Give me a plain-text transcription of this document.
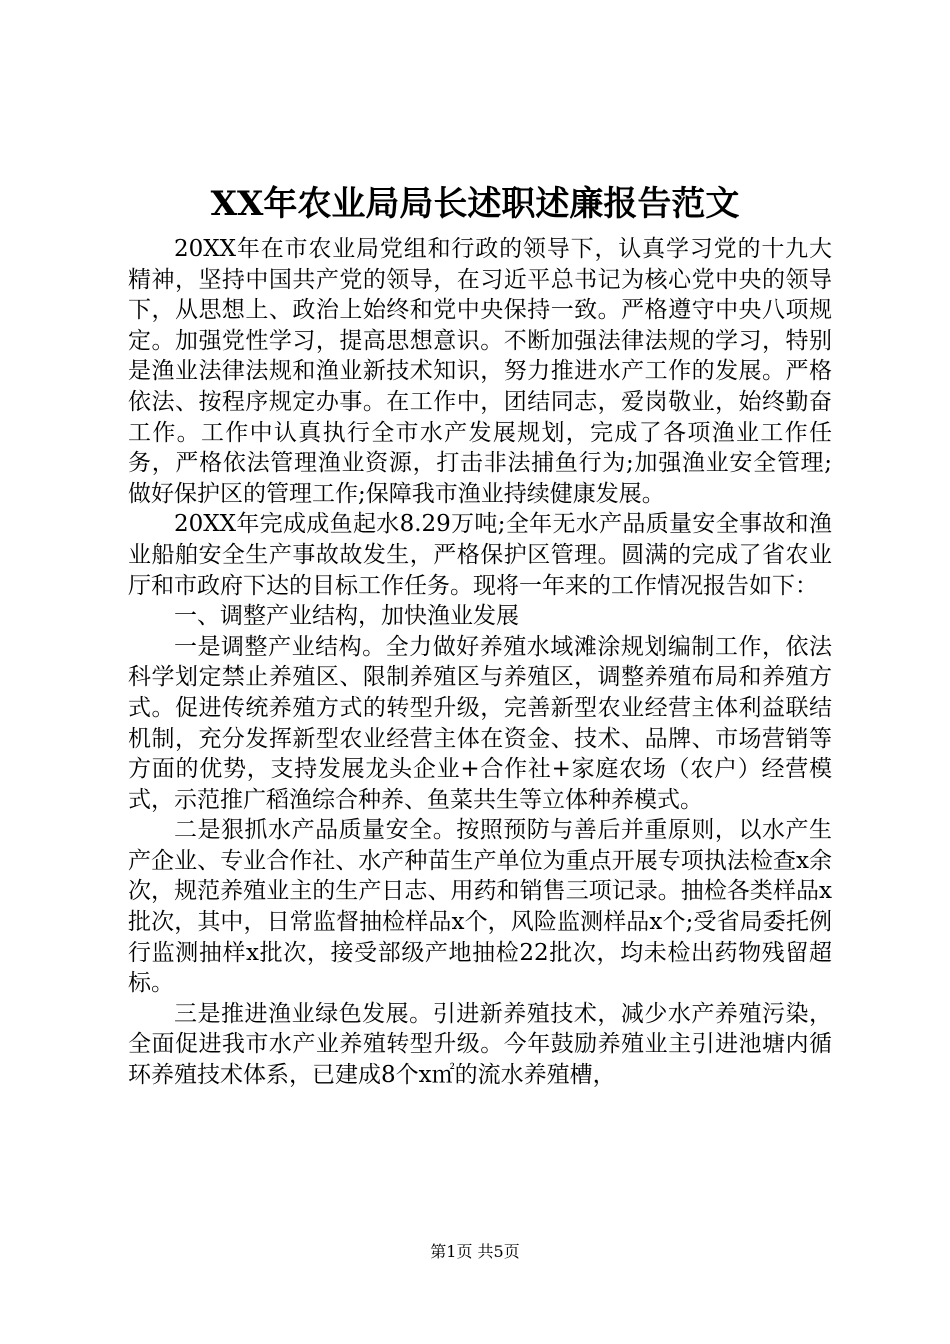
XX年农业局局长述职述廉报告范文

20XX年在市农业局党组和行政的领导下，认真学习党的十九大精神，坚持中国共产党的领导，在习近平总书记为核心党中央的领导下，从思想上、政治上始终和党中央保持一致。严格遵守中央八项规定。加强党性学习，提高思想意识。不断加强法律法规的学习，特别是渔业法律法规和渔业新技术知识，努力推进水产工作的发展。严格依法、按程序规定办事。在工作中，团结同志，爱岗敬业，始终勤奋工作。工作中认真执行全市水产发展规划，完成了各项渔业工作任务，严格依法管理渔业资源，打击非法捕鱼行为;加强渔业安全管理;做好保护区的管理工作;保障我市渔业持续健康发展。

20XX年完成成鱼起水8.29万吨;全年无水产品质量安全事故和渔业船舶安全生产事故故发生，严格保护区管理。圆满的完成了省农业厅和市政府下达的目标工作任务。现将一年来的工作情况报告如下：

一、调整产业结构，加快渔业发展

一是调整产业结构。全力做好养殖水域滩涂规划编制工作，依法科学划定禁止养殖区、限制养殖区与养殖区，调整养殖布局和养殖方式。促进传统养殖方式的转型升级，完善新型农业经营主体利益联结机制，充分发挥新型农业经营主体在资金、技术、品牌、市场营销等方面的优势，支持发展龙头企业+合作社+家庭农场（农户）经营模式，示范推广稻渔综合种养、鱼菜共生等立体种养模式。

二是狠抓水产品质量安全。按照预防与善后并重原则，以水产生产企业、专业合作社、水产种苗生产单位为重点开展专项执法检查x余次，规范养殖业主的生产日志、用药和销售三项记录。抽检各类样品x批次，其中，日常监督抽检样品x个，风险监测样品x个;受省局委托例行监测抽样x批次，接受部级产地抽检22批次，均未检出药物残留超标。

三是推进渔业绿色发展。引进新养殖技术，减少水产养殖污染，全面促进我市水产业养殖转型升级。今年鼓励养殖业主引进池塘内循环养殖技术体系，已建成8个x㎡的流水养殖槽，

第1页 共5页
